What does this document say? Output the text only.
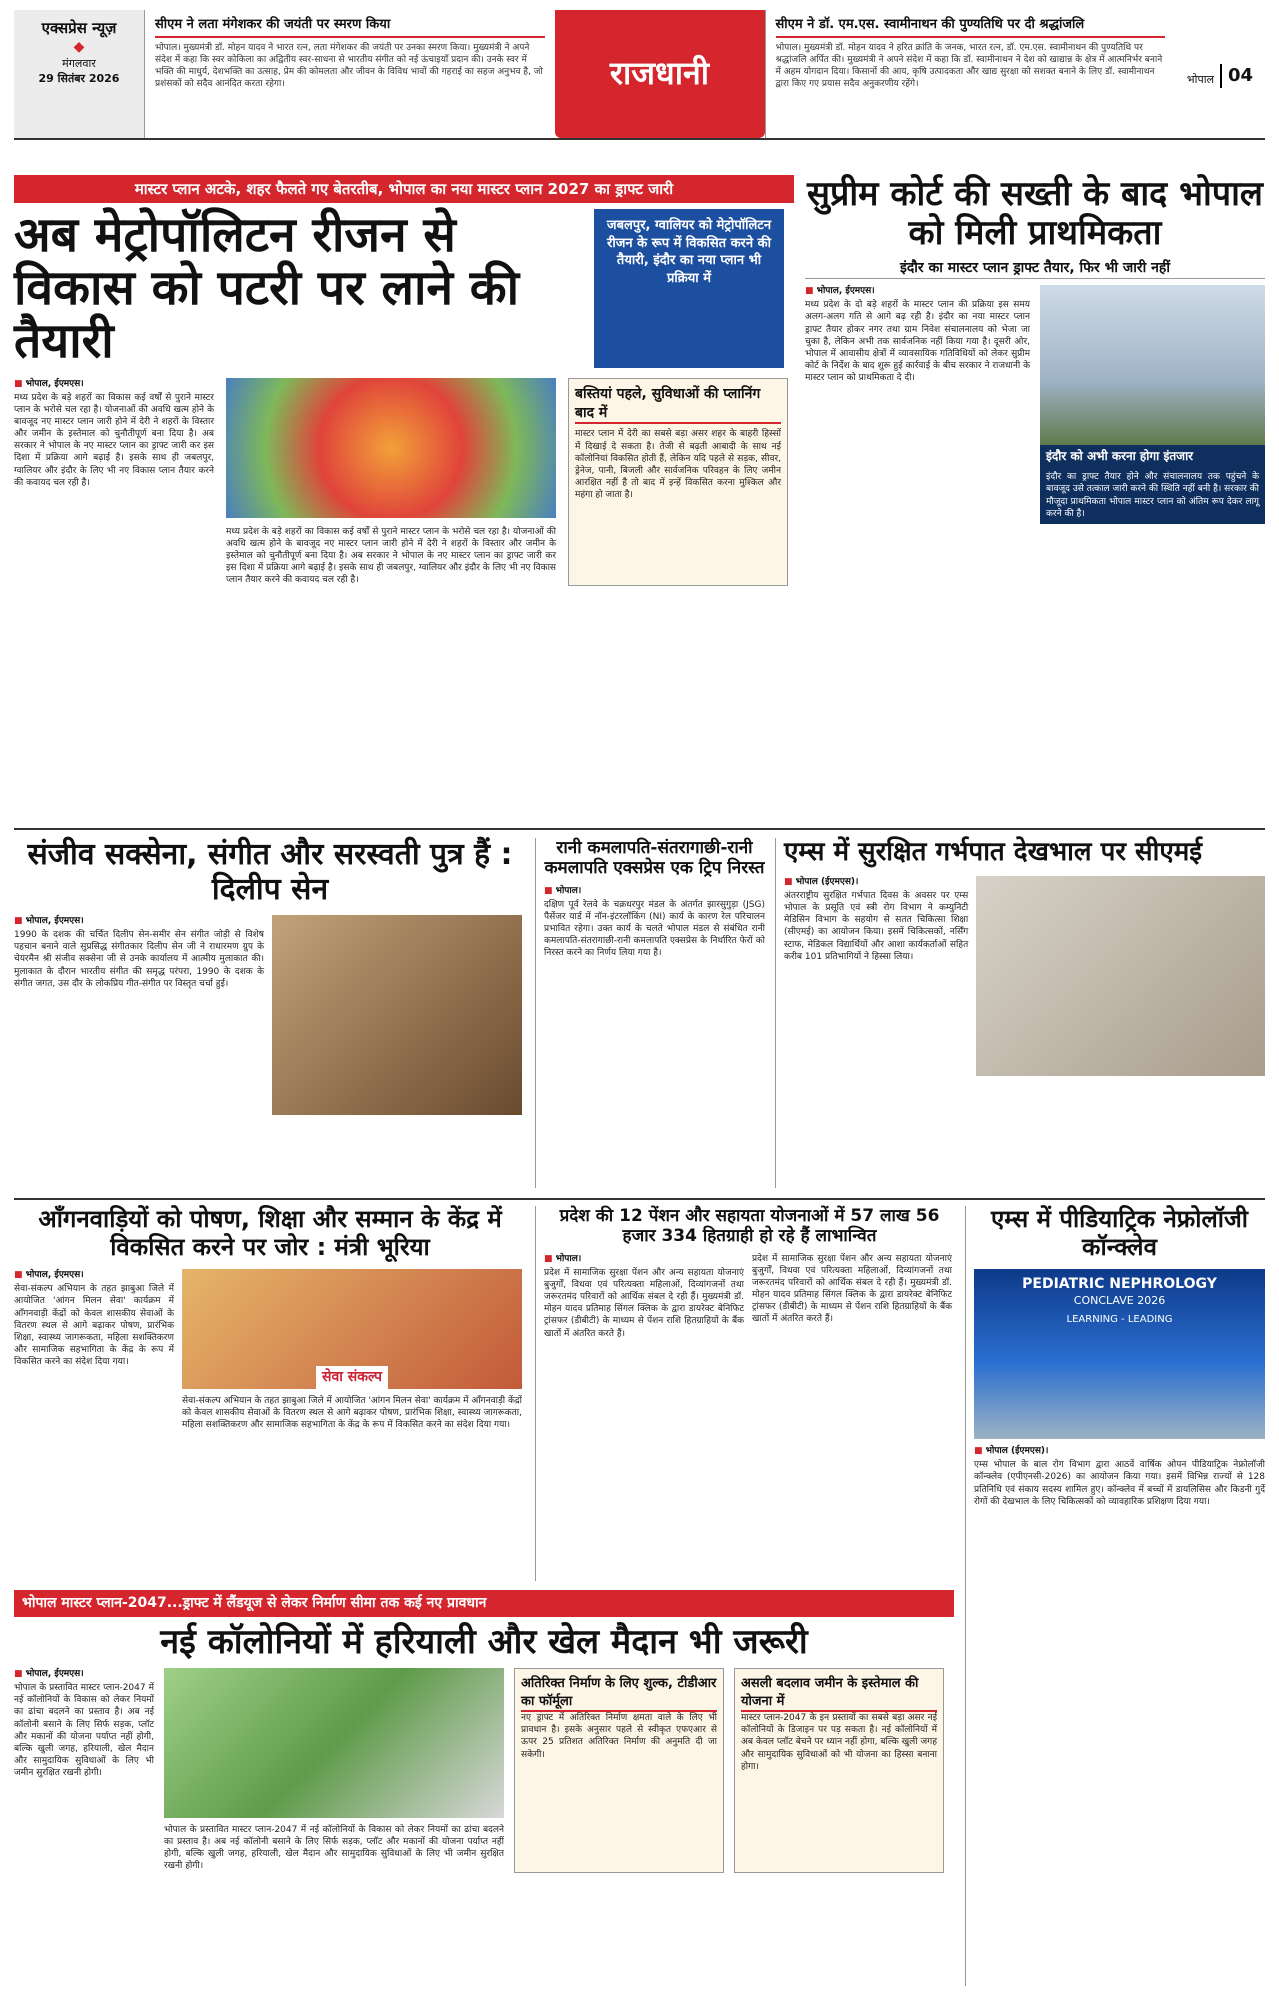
एक्सप्रेस न्यूज़
◆
मंगलवार
29 सितंबर 2026
सीएम ने लता मंगेशकर की जयंती पर स्मरण किया

भोपाल। मुख्यमंत्री डॉ. मोहन यादव ने भारत रत्न, लता मंगेशकर की जयंती पर उनका स्मरण किया। मुख्यमंत्री ने अपने संदेश में कहा कि स्वर कोकिला का अद्वितीय स्वर-साधना से भारतीय संगीत को नई ऊंचाइयाँ प्रदान की। उनके स्वर में भक्ति की माधुर्य, देशभक्ति का उत्साह, प्रेम की कोमलता और जीवन के विविध भावों की गहराई का सहज अनुभव है, जो प्रशंसकों को सदैव आनंदित करता रहेगा।	राजधानी
सीएम ने डॉ. एम.एस. स्वामीनाथन की पुण्यतिथि पर दी श्रद्धांजलि

भोपाल। मुख्यमंत्री डॉ. मोहन यादव ने हरित क्रांति के जनक, भारत रत्न, डॉ. एम.एस. स्वामीनाथन की पुण्यतिथि पर श्रद्धांजलि अर्पित की। मुख्यमंत्री ने अपने संदेश में कहा कि डॉ. स्वामीनाथन ने देश को खाद्यान्न के क्षेत्र में आत्मनिर्भर बनाने में अहम योगदान दिया। किसानों की आय, कृषि उत्पादकता और खाद्य सुरक्षा को सशक्त बनाने के लिए डॉ. स्वामीनाथन द्वारा किए गए प्रयास सदैव अनुकरणीय रहेंगे।	भोपाल 04
मास्टर प्लान अटके, शहर फैलते गए बेतरतीब, भोपाल का नया मास्टर प्लान 2027 का ड्राफ्ट जारी
अब मेट्रोपॉलिटन रीजन से विकास को पटरी पर लाने की तैयारी
जबलपुर, ग्वालियर को मेट्रोपॉलिटन रीजन के रूप में विकसित करने की तैयारी, इंदौर का नया प्लान भी प्रक्रिया में
■ भोपाल, ईएमएस।

मध्य प्रदेश के बड़े शहरों का विकास कई वर्षों से पुराने मास्टर प्लान के भरोसे चल रहा है। योजनाओं की अवधि खत्म होने के बावजूद नए मास्टर प्लान जारी होने में देरी ने शहरों के विस्तार और जमीन के इस्तेमाल को चुनौतीपूर्ण बना दिया है। अब सरकार ने भोपाल के नए मास्टर प्लान का ड्राफ्ट जारी कर इस दिशा में प्रक्रिया आगे बढ़ाई है। इसके साथ ही जबलपुर, ग्वालियर और इंदौर के लिए भी नए विकास प्लान तैयार करने की कवायद चल रही है।

मध्य प्रदेश के बड़े शहरों का विकास कई वर्षों से पुराने मास्टर प्लान के भरोसे चल रहा है। योजनाओं की अवधि खत्म होने के बावजूद नए मास्टर प्लान जारी होने में देरी ने शहरों के विस्तार और जमीन के इस्तेमाल को चुनौतीपूर्ण बना दिया है। अब सरकार ने भोपाल के नए मास्टर प्लान का ड्राफ्ट जारी कर इस दिशा में प्रक्रिया आगे बढ़ाई है। इसके साथ ही जबलपुर, ग्वालियर और इंदौर के लिए भी नए विकास प्लान तैयार करने की कवायद चल रही है।

बस्तियां पहले, सुविधाओं की प्लानिंग बाद में

मास्टर प्लान में देरी का सबसे बड़ा असर शहर के बाहरी हिस्सों में दिखाई दे सकता है। तेजी से बढ़ती आबादी के साथ नई कॉलोनियां विकसित होती हैं, लेकिन यदि पहले से सड़क, सीवर, ड्रेनेज, पानी, बिजली और सार्वजनिक परिवहन के लिए जमीन आरक्षित नहीं है तो बाद में इन्हें विकसित करना मुश्किल और महंगा हो जाता है।

सुप्रीम कोर्ट की सख्ती के बाद भोपाल को मिली प्राथमिकता
इंदौर का मास्टर प्लान ड्राफ्ट तैयार, फिर भी जारी नहीं
■ भोपाल, ईएमएस।

मध्य प्रदेश के दो बड़े शहरों के मास्टर प्लान की प्रक्रिया इस समय अलग-अलग गति से आगे बढ़ रही है। इंदौर का नया मास्टर प्लान ड्राफ्ट तैयार होकर नगर तथा ग्राम निवेश संचालनालय को भेजा जा चुका है, लेकिन अभी तक सार्वजनिक नहीं किया गया है। दूसरी ओर, भोपाल में आवासीय क्षेत्रों में व्यावसायिक गतिविधियों को लेकर सुप्रीम कोर्ट के निर्देश के बाद शुरू हुई कार्रवाई के बीच सरकार ने राजधानी के मास्टर प्लान को प्राथमिकता दे दी।

इंदौर को अभी करना होगा इंतजार

इंदौर का ड्राफ्ट तैयार होने और संचालनालय तक पहुंचने के बावजूद उसे तत्काल जारी करने की स्थिति नहीं बनी है। सरकार की मौजूदा प्राथमिकता भोपाल मास्टर प्लान को अंतिम रूप देकर लागू करने की है।

संजीव सक्सेना, संगीत और सरस्वती पुत्र हैं : दिलीप सेन
■ भोपाल, ईएमएस।

1990 के दशक की चर्चित दिलीप सेन-समीर सेन संगीत जोड़ी से विशेष पहचान बनाने वाले सुप्रसिद्ध संगीतकार दिलीप सेन जी ने राधारमण ग्रुप के चेयरमैन श्री संजीव सक्सेना जी से उनके कार्यालय में आत्मीय मुलाकात की। मुलाकात के दौरान भारतीय संगीत की समृद्ध परंपरा, 1990 के दशक के संगीत जगत, उस दौर के लोकप्रिय गीत-संगीत पर विस्तृत चर्चा हुई।

रानी कमलापति-संतरागाछी-रानी कमलापति एक्सप्रेस एक ट्रिप निरस्त
■ भोपाल।

दक्षिण पूर्व रेलवे के चक्रधरपुर मंडल के अंतर्गत झारसुगुड़ा (JSG) पैसेंजर यार्ड में नॉन-इंटरलॉकिंग (NI) कार्य के कारण रेल परिचालन प्रभावित रहेगा। उक्त कार्य के चलते भोपाल मंडल से संबंधित रानी कमलापति-संतरागाछी-रानी कमलापति एक्सप्रेस के निर्धारित फेरों को निरस्त करने का निर्णय लिया गया है।

एम्स में सुरक्षित गर्भपात देखभाल पर सीएमई
■ भोपाल (ईएमएस)।

अंतरराष्ट्रीय सुरक्षित गर्भपात दिवस के अवसर पर एम्स भोपाल के प्रसूति एवं स्त्री रोग विभाग ने कम्युनिटी मेडिसिन विभाग के सहयोग से सतत चिकित्सा शिक्षा (सीएमई) का आयोजन किया। इसमें चिकित्सकों, नर्सिंग स्टाफ, मेडिकल विद्यार्थियों और आशा कार्यकर्ताओं सहित करीब 101 प्रतिभागियों ने हिस्सा लिया।

आँगनवाड़ियों को पोषण, शिक्षा और सम्मान के केंद्र में विकसित करने पर जोर : मंत्री भूरिया
■ भोपाल, ईएमएस।

सेवा-संकल्प अभियान के तहत झाबुआ जिले में आयोजित 'आंगन मिलन सेवा' कार्यक्रम में आँगनवाड़ी केंद्रों को केवल शासकीय सेवाओं के वितरण स्थल से आगे बढ़ाकर पोषण, प्रारंभिक शिक्षा, स्वास्थ्य जागरूकता, महिला सशक्तिकरण और सामाजिक सहभागिता के केंद्र के रूप में विकसित करने का संदेश दिया गया।

सेवा संकल्प

सेवा-संकल्प अभियान के तहत झाबुआ जिले में आयोजित 'आंगन मिलन सेवा' कार्यक्रम में आँगनवाड़ी केंद्रों को केवल शासकीय सेवाओं के वितरण स्थल से आगे बढ़ाकर पोषण, प्रारंभिक शिक्षा, स्वास्थ्य जागरूकता, महिला सशक्तिकरण और सामाजिक सहभागिता के केंद्र के रूप में विकसित करने का संदेश दिया गया।

प्रदेश की 12 पेंशन और सहायता योजनाओं में 57 लाख 56 हजार 334 हितग्राही हो रहे हैं लाभान्वित
■ भोपाल।

प्रदेश में सामाजिक सुरक्षा पेंशन और अन्य सहायता योजनाएं बुजुर्गों, विधवा एवं परित्यक्ता महिलाओं, दिव्यांगजनों तथा जरूरतमंद परिवारों को आर्थिक संबल दे रही हैं। मुख्यमंत्री डॉ. मोहन यादव प्रतिमाह सिंगल क्लिक के द्वारा डायरेक्ट बेनिफिट ट्रांसफर (डीबीटी) के माध्यम से पेंशन राशि हितग्राहियों के बैंक खातों में अंतरित करते हैं।

प्रदेश में सामाजिक सुरक्षा पेंशन और अन्य सहायता योजनाएं बुजुर्गों, विधवा एवं परित्यक्ता महिलाओं, दिव्यांगजनों तथा जरूरतमंद परिवारों को आर्थिक संबल दे रही हैं। मुख्यमंत्री डॉ. मोहन यादव प्रतिमाह सिंगल क्लिक के द्वारा डायरेक्ट बेनिफिट ट्रांसफर (डीबीटी) के माध्यम से पेंशन राशि हितग्राहियों के बैंक खातों में अंतरित करते हैं।

एम्स में पीडियाट्रिक नेफ्रोलॉजी कॉन्क्लेव
PEDIATRIC NEPHROLOGY
CONCLAVE 2026
LEARNING - LEADING
■ भोपाल (ईएमएस)।

एम्स भोपाल के बाल रोग विभाग द्वारा आठवें वार्षिक ओपन पीडियाट्रिक नेफ्रोलॉजी कॉन्क्लेव (एपीएनसी-2026) का आयोजन किया गया। इसमें विभिन्न राज्यों से 128 प्रतिनिधि एवं संकाय सदस्य शामिल हुए। कॉन्क्लेव में बच्चों में डायलिसिस और किडनी गुर्दे रोगों की देखभाल के लिए चिकित्सकों को व्यावहारिक प्रशिक्षण दिया गया।

भोपाल मास्टर प्लान-2047...ड्राफ्ट में लैंडयूज से लेकर निर्माण सीमा तक कई नए प्रावधान
नई कॉलोनियों में हरियाली और खेल मैदान भी जरूरी
■ भोपाल, ईएमएस।

भोपाल के प्रस्तावित मास्टर प्लान-2047 में नई कॉलोनियों के विकास को लेकर नियमों का ढांचा बदलने का प्रस्ताव है। अब नई कॉलोनी बसाने के लिए सिर्फ सड़क, प्लॉट और मकानों की योजना पर्याप्त नहीं होगी, बल्कि खुली जगह, हरियाली, खेल मैदान और सामुदायिक सुविधाओं के लिए भी जमीन सुरक्षित रखनी होगी।

भोपाल के प्रस्तावित मास्टर प्लान-2047 में नई कॉलोनियों के विकास को लेकर नियमों का ढांचा बदलने का प्रस्ताव है। अब नई कॉलोनी बसाने के लिए सिर्फ सड़क, प्लॉट और मकानों की योजना पर्याप्त नहीं होगी, बल्कि खुली जगह, हरियाली, खेल मैदान और सामुदायिक सुविधाओं के लिए भी जमीन सुरक्षित रखनी होगी।

अतिरिक्त निर्माण के लिए शुल्क, टीडीआर का फॉर्मूला

नए ड्राफ्ट में अतिरिक्त निर्माण क्षमता वाले के लिए भी प्रावधान है। इसके अनुसार पहले से स्वीकृत एफएआर से ऊपर 25 प्रतिशत अतिरिक्त निर्माण की अनुमति दी जा सकेगी।

असली बदलाव जमीन के इस्तेमाल की योजना में

मास्टर प्लान-2047 के इन प्रस्तावों का सबसे बड़ा असर नई कॉलोनियों के डिजाइन पर पड़ सकता है। नई कॉलोनियों में अब केवल प्लॉट बेचने पर ध्यान नहीं होगा, बल्कि खुली जगह और सामुदायिक सुविधाओं को भी योजना का हिस्सा बनाना होगा।
